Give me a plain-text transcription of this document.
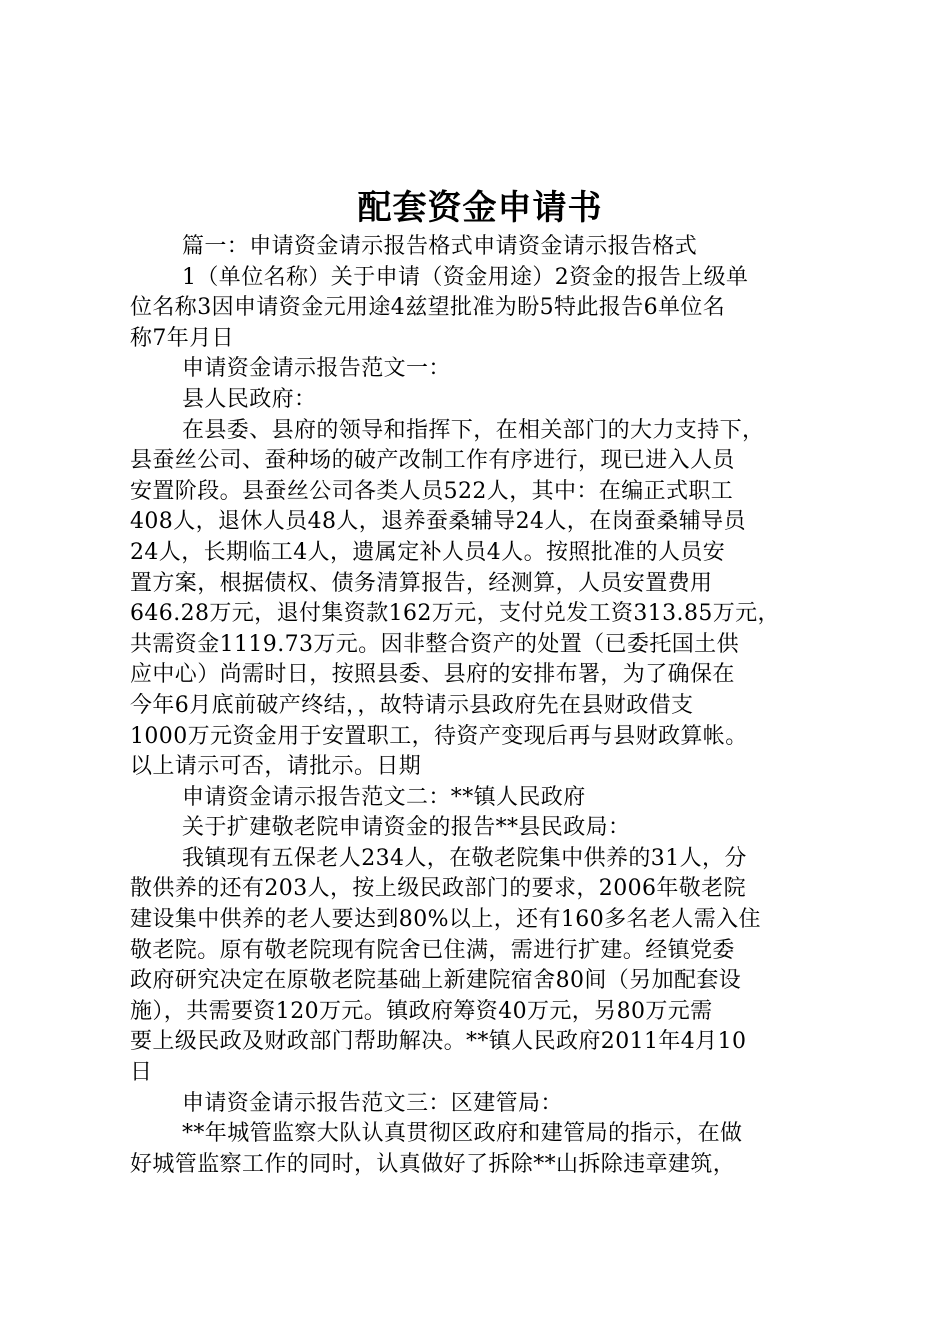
配套资金申请书
篇一：申请资金请示报告格式申请资金请示报告格式
1（单位名称）关于申请（资金用途）2资金的报告上级单
位名称3因申请资金元用途4兹望批准为盼5特此报告6单位名
称7年月日
申请资金请示报告范文一：
县人民政府：
在县委、县府的领导和指挥下，在相关部门的大力支持下，
县蚕丝公司、蚕种场的破产改制工作有序进行，现已进入人员
安置阶段。县蚕丝公司各类人员522人，其中：在编正式职工
408人，退休人员48人，退养蚕桑辅导24人，在岗蚕桑辅导员
24人，长期临工4人，遗属定补人员4人。按照批准的人员安
置方案，根据债权、债务清算报告，经测算，人员安置费用
646.28万元，退付集资款162万元，支付兑发工资313.85万元，
共需资金1119.73万元。因非整合资产的处置（已委托国土供
应中心）尚需时日，按照县委、县府的安排布署，为了确保在
今年6月底前破产终结，，故特请示县政府先在县财政借支
1000万元资金用于安置职工，待资产变现后再与县财政算帐。
以上请示可否，请批示。日期
申请资金请示报告范文二：**镇人民政府
关于扩建敬老院申请资金的报告**县民政局：
我镇现有五保老人234人，在敬老院集中供养的31人，分
散供养的还有203人，按上级民政部门的要求，2006年敬老院
建设集中供养的老人要达到80%以上，还有160多名老人需入住
敬老院。原有敬老院现有院舍已住满，需进行扩建。经镇党委
政府研究决定在原敬老院基础上新建院宿舍80间（另加配套设
施），共需要资120万元。镇政府筹资40万元，另80万元需
要上级民政及财政部门帮助解决。**镇人民政府2011年4月10
日
申请资金请示报告范文三：区建管局：
**年城管监察大队认真贯彻区政府和建管局的指示，在做
好城管监察工作的同时，认真做好了拆除**山拆除违章建筑，
